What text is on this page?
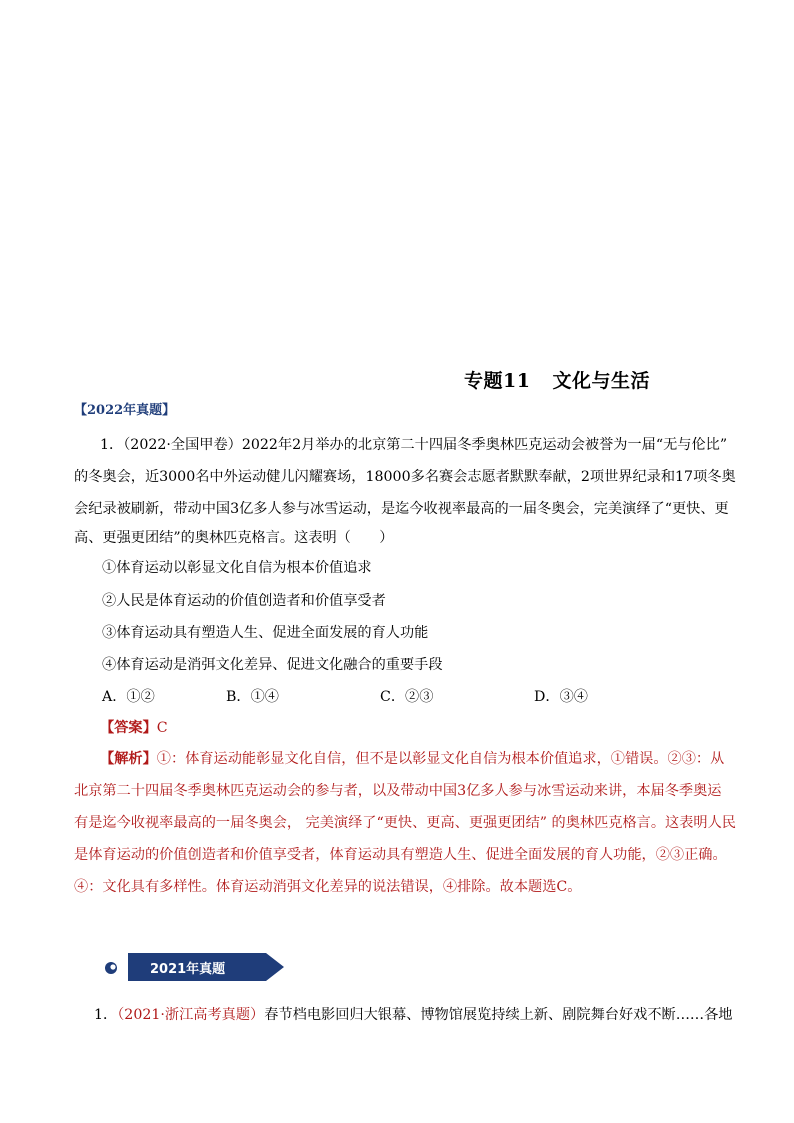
专题11 文化与生活
【2022年真题】
1．（2022·全国甲卷）2022年2月举办的北京第二十四届冬季奥林匹克运动会被誉为一届“无与伦比”
的冬奥会，近3000名中外运动健儿闪耀赛场，18000多名赛会志愿者默默奉献，2项世界纪录和17项冬奥
会纪录被刷新，带动中国3亿多人参与冰雪运动，是迄今收视率最高的一届冬奥会，完美演绎了“更快、更
高、更强更团结”的奥林匹克格言。这表明（　　）
①体育运动以彰显文化自信为根本价值追求
②人民是体育运动的价值创造者和价值享受者
③体育运动具有塑造人生、促进全面发展的育人功能
④体育运动是消弭文化差异、促进文化融合的重要手段
A．①②	B．①④	C．②③	D．③④
【答案】C
【解析】①：体育运动能彰显文化自信，但不是以彰显文化自信为根本价值追求，①错误。②③：从
北京第二十四届冬季奥林匹克运动会的参与者，以及带动中国3亿多人参与冰雪运动来讲，本届冬季奥运
有是迄今收视率最高的一届冬奥会， 完美演绎了“更快、更高、更强更团结” 的奥林匹克格言。这表明人民
是体育运动的价值创造者和价值享受者，体育运动具有塑造人生、促进全面发展的育人功能，②③正确。
④：文化具有多样性。体育运动消弭文化差异的说法错误，④排除。故本题选C。
2021年真题
1．（2021·浙江高考真题）春节档电影回归大银幕、博物馆展览持续上新、剧院舞台好戏不断……各地
